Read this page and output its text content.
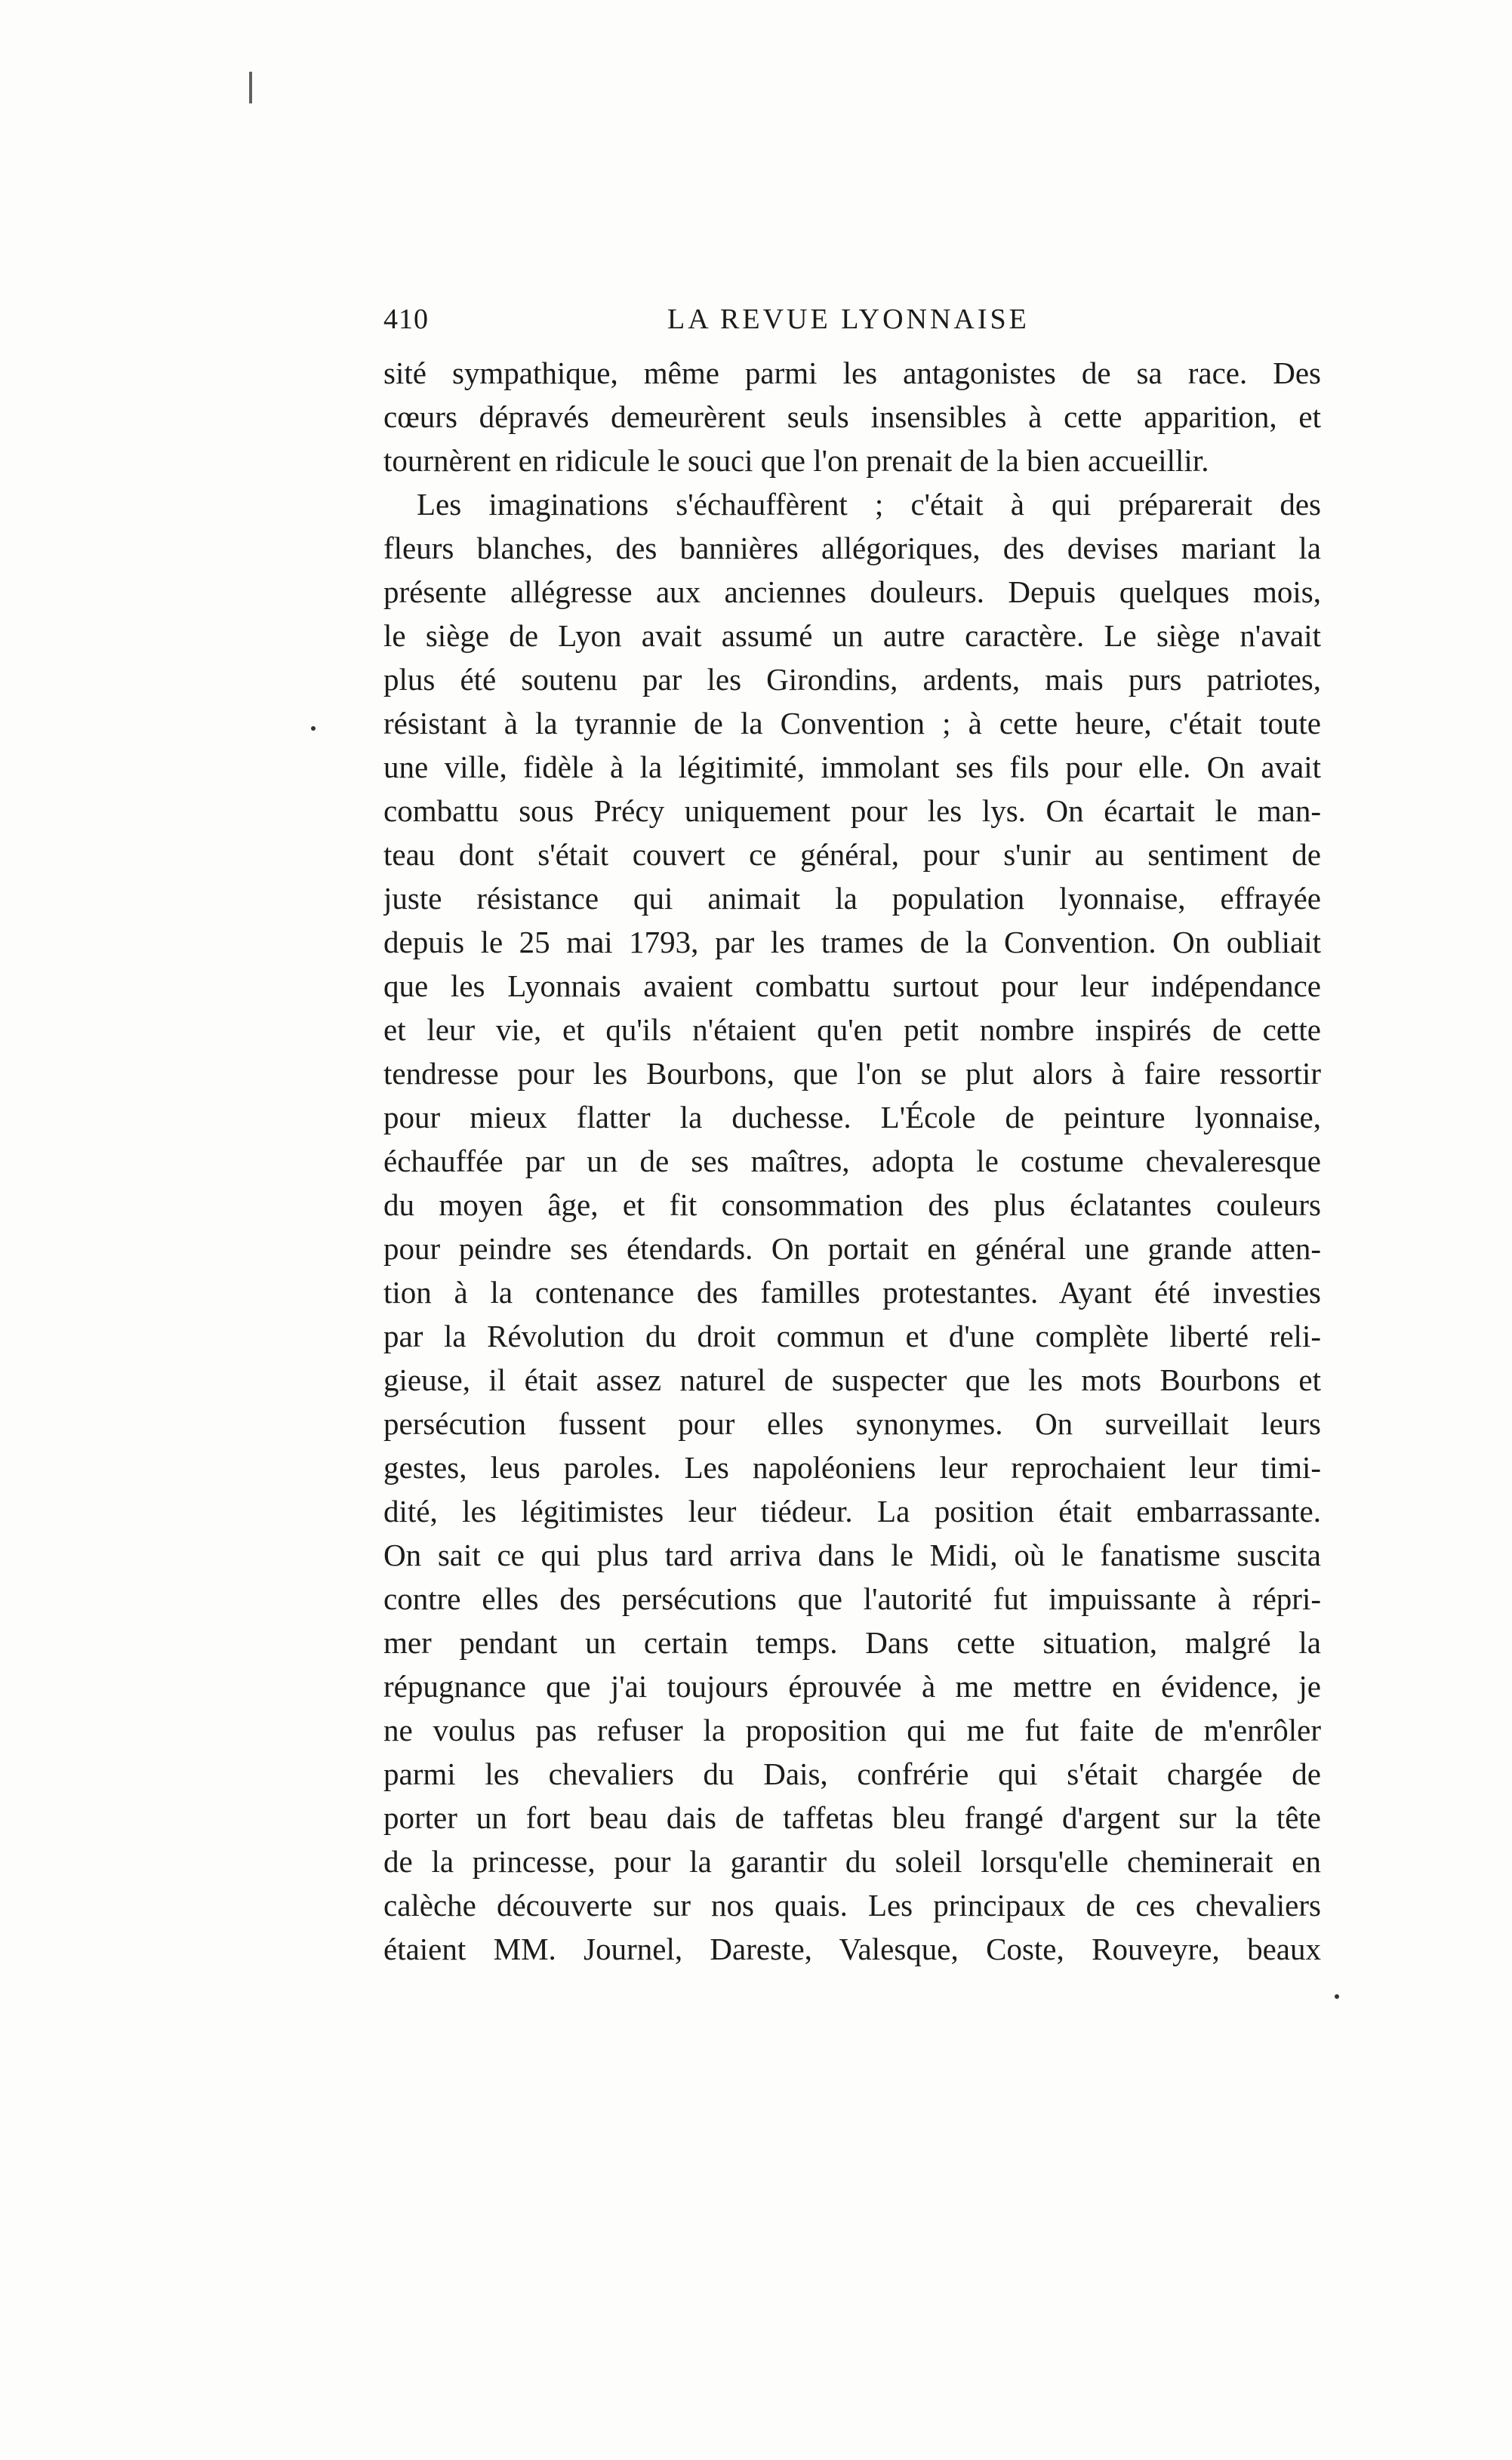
410	LA REVUE LYONNAISE
sité sympathique, même parmi les antagonistes de sa race. Des
cœurs dépravés demeurèrent seuls insensibles à cette apparition, et
tournèrent en ridicule le souci que l'on prenait de la bien accueillir.
Les imaginations s'échauffèrent ; c'était à qui préparerait des
fleurs blanches, des bannières allégoriques, des devises mariant la
présente allégresse aux anciennes douleurs. Depuis quelques mois,
le siège de Lyon avait assumé un autre caractère. Le siège n'avait
plus été soutenu par les Girondins, ardents, mais purs patriotes,
résistant à la tyrannie de la Convention ; à cette heure, c'était toute
une ville, fidèle à la légitimité, immolant ses fils pour elle. On avait
combattu sous Précy uniquement pour les lys. On écartait le man-
teau dont s'était couvert ce général, pour s'unir au sentiment de
juste résistance qui animait la population lyonnaise, effrayée
depuis le 25 mai 1793, par les trames de la Convention. On oubliait
que les Lyonnais avaient combattu surtout pour leur indépendance
et leur vie, et qu'ils n'étaient qu'en petit nombre inspirés de cette
tendresse pour les Bourbons, que l'on se plut alors à faire ressortir
pour mieux flatter la duchesse. L'École de peinture lyonnaise,
échauffée par un de ses maîtres, adopta le costume chevaleresque
du moyen âge, et fit consommation des plus éclatantes couleurs
pour peindre ses étendards. On portait en général une grande atten-
tion à la contenance des familles protestantes. Ayant été investies
par la Révolution du droit commun et d'une complète liberté reli-
gieuse, il était assez naturel de suspecter que les mots Bourbons et
persécution fussent pour elles synonymes. On surveillait leurs
gestes, leus paroles. Les napoléoniens leur reprochaient leur timi-
dité, les légitimistes leur tiédeur. La position était embarrassante.
On sait ce qui plus tard arriva dans le Midi, où le fanatisme suscita
contre elles des persécutions que l'autorité fut impuissante à répri-
mer pendant un certain temps. Dans cette situation, malgré la
répugnance que j'ai toujours éprouvée à me mettre en évidence, je
ne voulus pas refuser la proposition qui me fut faite de m'enrôler
parmi les chevaliers du Dais, confrérie qui s'était chargée de
porter un fort beau dais de taffetas bleu frangé d'argent sur la tête
de la princesse, pour la garantir du soleil lorsqu'elle cheminerait en
calèche découverte sur nos quais. Les principaux de ces chevaliers
étaient MM. Journel, Dareste, Valesque, Coste, Rouveyre, beaux
